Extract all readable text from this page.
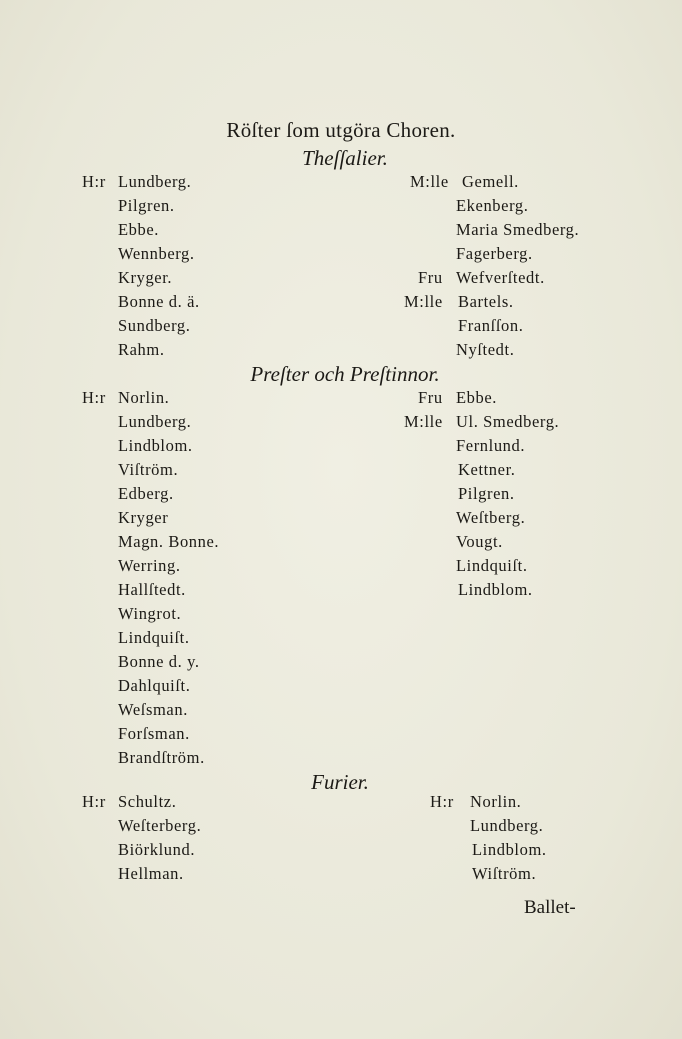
Röſter ſom utgöra Choren.
Theſſalier.
H:r Lundberg.
Pilgren.
Ebbe.
Wennberg.
Kryger.
Bonne d. ä.
Sundberg.
Rahm.
M:lle Gemell.
Ekenberg.
Maria Smedberg.
Fagerberg.
Fru Wefverſtedt.
M:lle Bartels.
Franſſon.
Nyſtedt.
Preſter och Preſtinnor.
H:r Norlin.
Lundberg.
Lindblom.
Viſtröm.
Edberg.
Kryger
Magn. Bonne.
Werring.
Hallſtedt.
Wingrot.
Lindquiſt.
Bonne d. y.
Dahlquiſt.
Weſsman.
Forſsman.
Brandſtröm.
Fru Ebbe.
M:lle Ul. Smedberg.
Fernlund.
Kettner.
Pilgren.
Weſtberg.
Vougt.
Lindquiſt.
Lindblom.
Furier.
H:r Schultz.
Weſterberg.
Biörklund.
Hellman.
H:r Norlin.
Lundberg.
Lindblom.
Wiſtröm.
Ballet-
